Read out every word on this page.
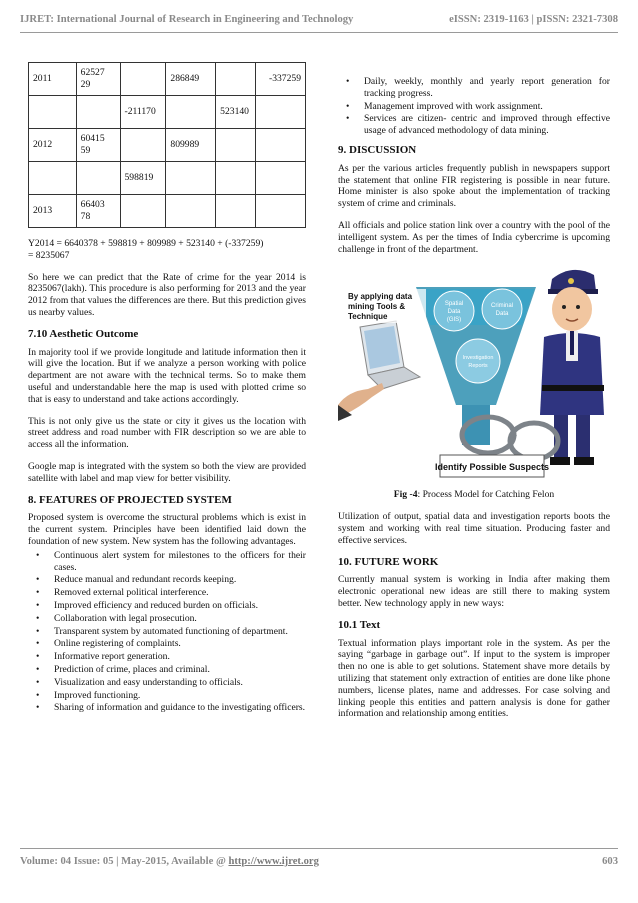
IJRET: International Journal of Research in Engineering and Technology	eISSN: 2319-1163 | pISSN: 2321-7308
2011	6252729		286849		-337259
		-211170		523140	
2012	6041559		809989		
		598819			
2013	6640378				

Y2014 = 6640378 + 598819 + 809989 + 523140 + (-337259)
= 8235067

So here we can predict that the Rate of crime for the year 2014 is 8235067(lakh). This procedure is also performing for 2013 and the year 2012 from that values the differences are there. But this prediction gives us nearby values.

7.10 Aesthetic Outcome

In majority tool if we provide longitude and latitude information then it will give the location. But if we analyze a person working with police department are not aware with the technical terms. So to make them useful and understandable here the map is used with plotted crime so that is easy to understand and take actions accordingly.

This is not only give us the state or city it gives us the location with street address and road number with FIR description so we are able to access all the information.

Google map is integrated with the system so both the view are provided satellite with label and map view for better visibility.

8. FEATURES OF PROJECTED SYSTEM

Proposed system is overcome the structural problems which is exist in the current system. Principles have been identified laid down the foundation of new system. New system has the following advantages.

• Continuous alert system for milestones to the officers for their cases.
• Reduce manual and redundant records keeping.
• Removed external political interference.
• Improved efficiency and reduced burden on officials.
• Collaboration with legal prosecution.
• Transparent system by automated functioning of department.
• Online registering of complaints.
• Informative report generation.
• Prediction of crime, places and criminal.
• Visualization and easy understanding to officials.
• Improved functioning.
• Sharing of information and guidance to the investigating officers.
• Daily, weekly, monthly and yearly report generation for tracking progress.
• Management improved with work assignment.
• Services are citizen- centric and improved through effective usage of advanced methodology of data mining.
9. DISCUSSION

As per the various articles frequently publish in newspapers support the statement that online FIR registering is possible in near future. Home minister is also spoke about the implementation of tracking system of crime and criminals.

All officials and police station link over a country with the pool of the intelligent system. As per the times of India cybercrime is upcoming challenge in front of the department.

Spatial
Data
(GIS)
Criminal
Data
Investigation
Reports
By applying data
mining Tools &
Technique
Identify Possible Suspects

Fig -4: Process Model for Catching Felon

Utilization of output, spatial data and investigation reports boots the system and working with real time situation. Producing faster and effective services.

10. FUTURE WORK

Currently manual system is working in India after making them electronic operational new ideas are still there to making system better. New technology apply in new ways:

10.1 Text

Textual information plays important role in the system. As per the saying “garbage in garbage out”. If input to the system is improper then no one is able to get solutions. Statement shave more details by utilizing that statement only extraction of entities are done like phone numbers, license plates, name and addresses. For case solving and linking people this entities and pattern analysis is done for gather information and relationship among entities.

Volume: 04 Issue: 05 | May-2015, Available @ http://www.ijret.org	603
